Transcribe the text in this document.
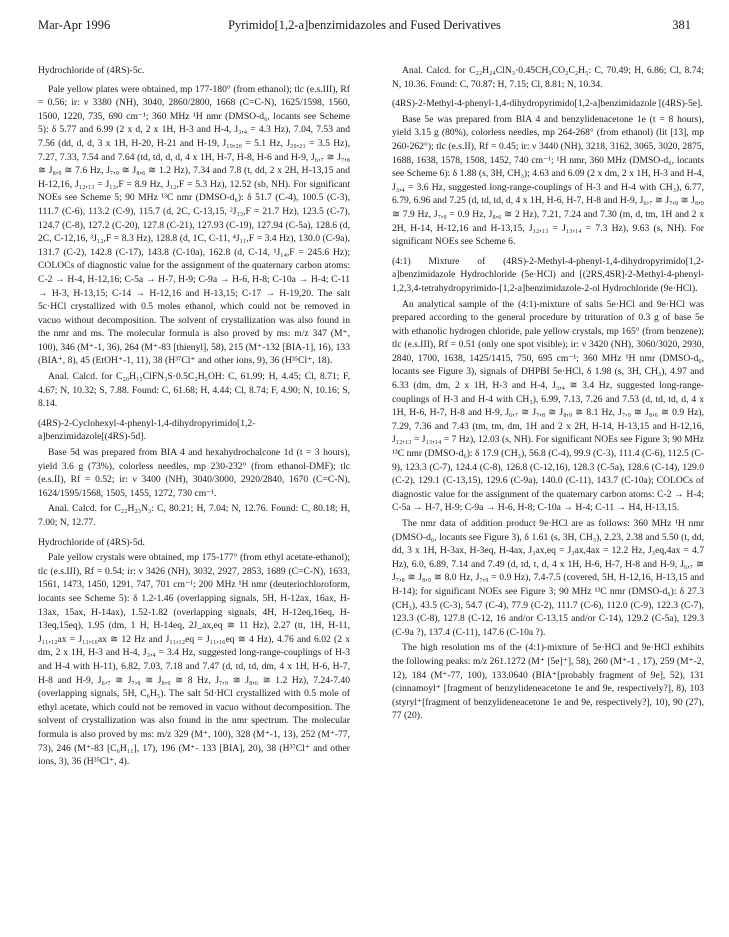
Mar-Apr 1996	Pyrimido[1,2-a]benzimidazoles and Fused Derivatives	381

Hydrochloride of (4RS)-5c.

Pale yellow plates were obtained, mp 177-180° (from ethanol); tlc (e.s.III), Rf = 0.56; ir: ν 3380 (NH), 3040, 2860/2800, 1668 (C=C-N), 1625/1598, 1560, 1500, 1220, 735, 690 cm⁻¹; 360 MHz ¹H nmr (DMSO-d₆, locants see Scheme 5): δ 5.77 and 6.99 (2 x d, 2 x 1H, H-3 and H-4, J₃,₄ = 4.3 Hz), 7.04, 7.53 and 7.56 (dd, d, d, 3 x 1H, H-20, H-21 and H-19, J₁₉,₂₀ = 5.1 Hz, J₂₀,₂₁ = 3.5 Hz), 7.27, 7.33, 7.54 and 7.64 (td, td, d, d, 4 x 1H, H-7, H-8, H-6 and H-9, J₆,₇ ≅ J₇,₈ ≅ J₈,₉ ≅ 7.6 Hz, J₇,₉ ≅ J₈,₆ ≅ 1.2 Hz), 7.34 and 7.8 (t, dd, 2 x 2H, H-13,15 and H-12,16, J₁₂,₁₃ = J₁₃,F = 8.9 Hz, J₁₂,F = 5.3 Hz), 12.52 (sb, NH). For significant NOEs see Scheme 5; 90 MHz ¹³C nmr (DMSO-d₆): δ 51.7 (C-4), 100.5 (C-3), 111.7 (C-6), 113.2 (C-9), 115.7 (d, 2C, C-13,15, ²J₁₃,F = 21.7 Hz), 123.5 (C-7), 124.7 (C-8), 127.2 (C-20), 127.8 (C-21), 127.93 (C-19), 127.94 (C-5a), 128.6 (d, 2C, C-12,16, ³J₁₂,F = 8.3 Hz), 128.8 (d, 1C, C-11, ⁴J₁₁,F = 3.4 Hz), 130.0 (C-9a), 131.7 (C-2), 142.8 (C-17), 143.8 (C-10a), 162.8 (d, C-14, ¹J₁₄,F = 245.6 Hz); COLOCs of diagnostic value for the assignment of the quaternary carbon atoms: C-2 → H-4, H-12,16; C-5a → H-7, H-9; C-9a → H-6, H-8; C-10a → H-4; C-11 → H-3, H-13,15; C-14 → H-12,16 and H-13,15; C-17 → H-19,20. The salt 5c·HCl crystallized with 0.5 moles ethanol, which could not be removed in vacuo without decomposition. The solvent of crystallization was also found in the nmr and ms. The molecular formula is also proved by ms: m/z 347 (M⁺, 100), 346 (M⁺-1, 36), 264 (M⁺-83 [thienyl], 58), 215 (M⁺-132 [BIA-1], 16), 133 (BIA⁺, 8), 45 (EtOH⁺-1, 11), 38 (H³⁷Cl⁺ and other ions, 9), 36 (H³⁵Cl⁺, 18).

Anal. Calcd. for C₂₀H₁₅ClFN₃S·0.5C₂H₅OH: C, 61.99; H, 4.45; Cl, 8.71; F, 4.67; N, 10.32; S, 7.88. Found: C, 61.68; H, 4.44; Cl, 8.74; F, 4.90; N, 10.16; S, 8.14.

(4RS)-2-Cyclohexyl-4-phenyl-1,4-dihydropyrimido[1,2-a]benzimidazole[(4RS)-5d].

Base 5d was prepared from BIA 4 and hexahydrochalcone 1d (t = 3 hours), yield 3.6 g (73%), colorless needles, mp 230-232° (from ethanol-DMF); tlc (e.s.II), Rf = 0.52; ir: ν 3400 (NH), 3040/3000, 2920/2840, 1670 (C=C-N), 1624/1595/1568, 1505, 1455, 1272, 730 cm⁻¹.

Anal. Calcd. for C₂₂H₂₃N₃: C, 80.21; H, 7.04; N, 12.76. Found: C, 80.18; H, 7.00; N, 12.77.

Hydrochloride of (4RS)-5d.

Pale yellow crystals were obtained, mp 175-177° (from ethyl acetate-ethanol); tlc (e.s.III), Rf = 0.54; ir: ν 3426 (NH), 3032, 2927, 2853, 1689 (C=C-N), 1633, 1561, 1473, 1450, 1291, 747, 701 cm⁻¹; 200 MHz ¹H nmr (deuteriochloroform, locants see Scheme 5): δ 1.2-1.46 (overlapping signals, 5H, H-12ax, 16ax, H-13ax, 15ax, H-14ax), 1.52-1.82 (overlapping signals, 4H, H-12eq,16eq, H-13eq,15eq), 1.95 (dm, 1 H, H-14eq, 2J_ax,eq ≅ 11 Hz), 2.27 (tt, 1H, H-11, J₁₁,₁₂ax = J₁₁,₁₆ax ≅ 12 Hz and J₁₁,₁₂eq = J₁₁,₁₆eq ≅ 4 Hz), 4.76 and 6.02 (2 x dm, 2 x 1H, H-3 and H-4, J₃,₄ = 3.4 Hz, suggested long-range-couplings of H-3 and H-4 with H-11), 6.82, 7.03, 7.18 and 7.47 (d, td, td, dm, 4 x 1H, H-6, H-7, H-8 and H-9, J₆,₇ ≅ J₇,₈ ≅ J₈,₉ ≅ 8 Hz, J₇,₉ ≅ J₈,₆ ≅ 1.2 Hz), 7.24-7.40 (overlapping signals, 5H, C₆H₅). The salt 5d·HCl crystallized with 0.5 mole of ethyl acetate, which could not be removed in vacuo without decomposition. The solvent of crystallization was also found in the nmr spectrum. The molecular formula is also proved by ms: m/z 329 (M⁺, 100), 328 (M⁺-1, 13), 252 (M⁺-77, 73), 246 (M⁺-83 [C₆H₁₁], 17), 196 (M⁺- 133 [BIA], 20), 38 (H³⁷Cl⁺ and other ions, 3), 36 (H³⁵Cl⁺, 4).

Anal. Calcd. for C₂₂H₂₄ClN₃·0.45CH₃CO₂C₂H₅: C, 70.49; H, 6.86; Cl, 8.74; N, 10.36. Found: C, 70.87; H, 7.15; Cl, 8.81; N, 10.34.

(4RS)-2-Methyl-4-phenyl-1,4-dihydropyrimido[1,2-a]benzimidazole [(4RS)-5e].

Base 5e was prepared from BIA 4 and benzylidenacetone 1e (t = 8 hours), yield 3.15 g (80%), colorless needles, mp 264-268° (from ethanol) (lit [13], mp 260-262°); tlc (e.s.II), Rf = 0.45; ir: ν 3440 (NH), 3218, 3162, 3065, 3020, 2875, 1688, 1638, 1578, 1508, 1452, 740 cm⁻¹; ¹H nmr, 360 MHz (DMSO-d₆, locants see Scheme 6): δ 1.88 (s, 3H, CH₃); 4.63 and 6.09 (2 x dm, 2 x 1H, H-3 and H-4, J₃,₄ = 3.6 Hz, suggested long-range-couplings of H-3 and H-4 with CH₃), 6.77, 6.79, 6.96 and 7.25 (d, td, td, d, 4 x 1H, H-6, H-7, H-8 and H-9, J₆,₇ ≅ J₇,₈ ≅ J₈,₉ ≅ 7.9 Hz, J₇,₉ = 0.9 Hz, J₈,₆ ≅ 2 Hz), 7.21, 7.24 and 7.30 (m, d, tm, 1H and 2 x 2H, H-14, H-12,16 and H-13,15, J₁₂,₁₃ = J₁₃,₁₄ = 7.3 Hz), 9.63 (s, NH). For significant NOEs see Scheme 6.

(4:1) Mixture of (4RS)-2-Methyl-4-phenyl-1,4-dihydropyrimido[1,2-a]benzimidazole Hydrochloride (5e·HCl) and [(2RS,4SR]-2-Methyl-4-phenyl-1,2,3,4-tetrahydropyrimido-[1,2-a]benzimidazole-2-ol Hydrochloride (9e·HCl).

An analytical sample of the (4:1)-mixture of salts 5e·HCl and 9e·HCl was prepared according to the general procedure by trituration of 0.3 g of base 5e with ethanolic hydrogen chloride, pale yellow crystals, mp 165° (from benzene); tlc (e.s.III), Rf = 0.51 (only one spot visible); ir: ν 3420 (NH), 3060/3020, 2930, 2840, 1700, 1638, 1425/1415, 750, 695 cm⁻¹; 360 MHz ¹H nmr (DMSO-d₆, locants see Figure 3), signals of DHPBI 5e·HCl, δ 1.98 (s, 3H, CH₃), 4.97 and 6.33 (dm, dm, 2 x 1H, H-3 and H-4, J₃,₄ ≅ 3.4 Hz, suggested long-range-couplings of H-3 and H-4 with CH₃), 6.99, 7.13, 7.26 and 7.53 (d, td, td, d, 4 x 1H, H-6, H-7, H-8 and H-9, J₆,₇ ≅ J₇,₈ ≅ J₈,₉ ≅ 8.1 Hz, J₇,₉ ≅ J₈,₆ ≅ 0.9 Hz), 7.29, 7.36 and 7.43 (tm, tm, dm, 1H and 2 x 2H, H-14, H-13,15 and H-12,16, J₁₂,₁₃ = J₁₃,₁₄ = 7 Hz), 12.03 (s, NH). For significant NOEs see Figure 3; 90 MHz ¹³C nmr (DMSO-d₆): δ 17.9 (CH₃), 56.8 (C-4), 99.9 (C-3), 111.4 (C-6), 112.5 (C-9), 123.3 (C-7), 124.4 (C-8), 126.8 (C-12,16), 128.3 (C-5a), 128.6 (C-14), 129.0 (C-2), 129.1 (C-13,15), 129.6 (C-9a), 140.0 (C-11), 143.7 (C-10a); COLOCs of diagnostic value for the assignment of the quaternary carbon atoms: C-2 → H-4; C-5a → H-7, H-9; C-9a → H-6, H-8; C-10a → H-4; C-11 → H4, H-13,15.

The nmr data of addition product 9e·HCl are as follows: 360 MHz ¹H nmr (DMSO-d₆, locants see Figure 3), δ 1.61 (s, 3H, CH₃), 2.23, 2.38 and 5.50 (t, dd, dd, 3 x 1H, H-3ax, H-3eq, H-4ax, J₃ax,eq = J₃ax,4ax = 12.2 Hz, J₃eq,4ax = 4.7 Hz), 6.0, 6.89, 7.14 and 7.49 (d, td, t, d, 4 x 1H, H-6, H-7, H-8 and H-9, J₆,₇ ≅ J₇,₈ ≅ J₈,₉ ≅ 8.0 Hz, J₇,₉ = 0.9 Hz), 7.4-7.5 (covered, 5H, H-12,16, H-13,15 and H-14); for significant NOEs see Figure 3; 90 MHz ¹³C nmr (DMSO-d₆): δ 27.3 (CH₃), 43.5 (C-3), 54.7 (C-4), 77.9 (C-2), 111.7 (C-6), 112.0 (C-9), 122.3 (C-7), 123.3 (C-8), 127.8 (C-12, 16 and/or C-13,15 and/or C-14), 129.2 (C-5a), 129.3 (C-9a ?), 137.4 (C-11), 147.6 (C-10a ?).

The high resolution ms of the (4:1)-mixture of 5e·HCl and 9e·HCl exhibits the following peaks: m/z 261.1272 (M⁺ [5e]⁺], 58), 260 (M⁺-1 , 17), 259 (M⁺-2, 12), 184 (M⁺-77, 100), 133.0640 (BIA⁺[probably fragment of 9e], 52), 131 (cinnamoyl⁺ [fragment of benzylideneacetone 1e and 9e, respectively?], 8), 103 (styryl⁺[fragment of benzylideneacetone 1e and 9e, respectively?], 10), 90 (27), 77 (20).
